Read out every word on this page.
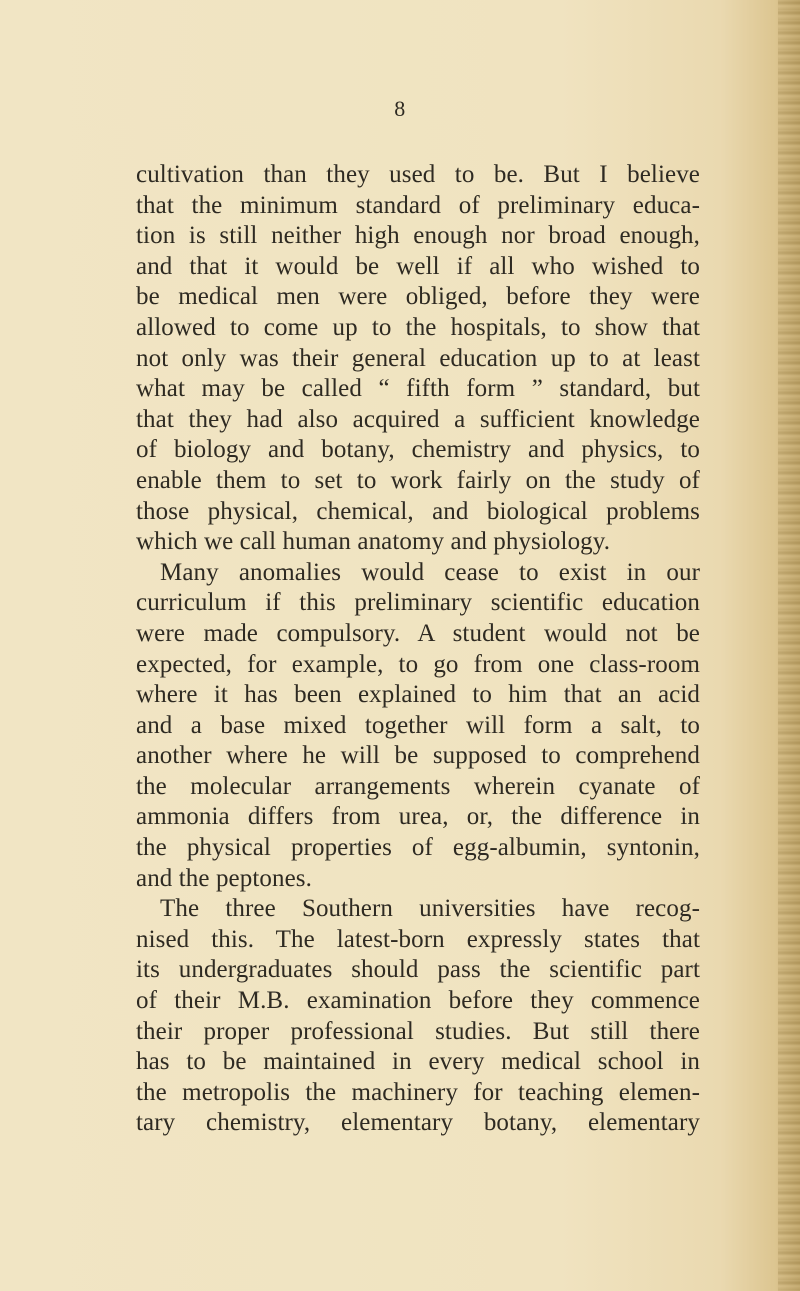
8
cultivation than they used to be. But I believe
that the minimum standard of preliminary educa-
tion is still neither high enough nor broad enough,
and that it would be well if all who wished to
be medical men were obliged, before they were
allowed to come up to the hospitals, to show that
not only was their general education up to at least
what may be called “ fifth form ” standard, but
that they had also acquired a sufficient knowledge
of biology and botany, chemistry and physics, to
enable them to set to work fairly on the study of
those physical, chemical, and biological problems
which we call human anatomy and physiology.
Many anomalies would cease to exist in our
curriculum if this preliminary scientific education
were made compulsory. A student would not be
expected, for example, to go from one class-room
where it has been explained to him that an acid
and a base mixed together will form a salt, to
another where he will be supposed to comprehend
the molecular arrangements wherein cyanate of
ammonia differs from urea, or, the difference in
the physical properties of egg-albumin, syntonin,
and the peptones.
The three Southern universities have recog-
nised this. The latest-born expressly states that
its undergraduates should pass the scientific part
of their M.B. examination before they commence
their proper professional studies. But still there
has to be maintained in every medical school in
the metropolis the machinery for teaching elemen-
tary chemistry, elementary botany, elementary
